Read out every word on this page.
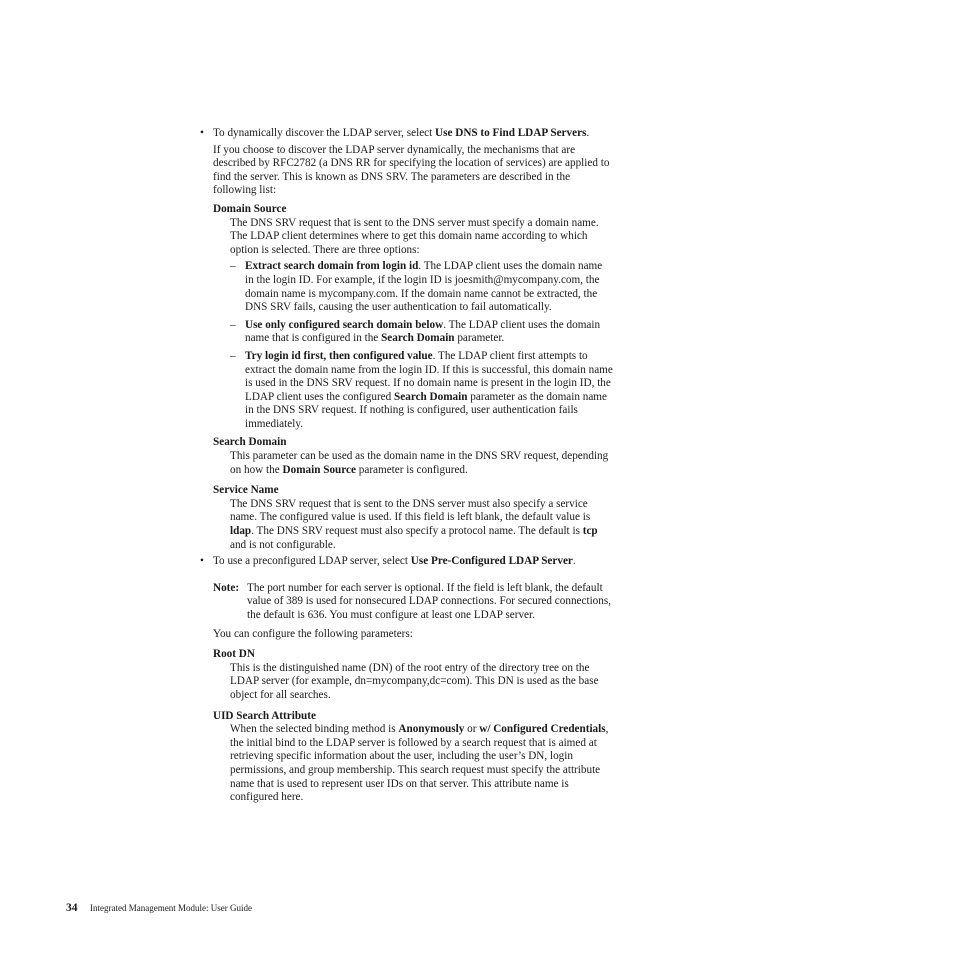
• To dynamically discover the LDAP server, select Use DNS to Find LDAP Servers.

If you choose to discover the LDAP server dynamically, the mechanisms that are described by RFC2782 (a DNS RR for specifying the location of services) are applied to find the server. This is known as DNS SRV. The parameters are described in the following list:

Domain Source

The DNS SRV request that is sent to the DNS server must specify a domain name. The LDAP client determines where to get this domain name according to which option is selected. There are three options:

– Extract search domain from login id. The LDAP client uses the domain name in the login ID. For example, if the login ID is joesmith@mycompany.com, the domain name is mycompany.com. If the domain name cannot be extracted, the DNS SRV fails, causing the user authentication to fail automatically.

– Use only configured search domain below. The LDAP client uses the domain name that is configured in the Search Domain parameter.

– Try login id first, then configured value. The LDAP client first attempts to extract the domain name from the login ID. If this is successful, this domain name is used in the DNS SRV request. If no domain name is present in the login ID, the LDAP client uses the configured Search Domain parameter as the domain name in the DNS SRV request. If nothing is configured, user authentication fails immediately.

Search Domain

This parameter can be used as the domain name in the DNS SRV request, depending on how the Domain Source parameter is configured.

Service Name

The DNS SRV request that is sent to the DNS server must also specify a service name. The configured value is used. If this field is left blank, the default value is ldap. The DNS SRV request must also specify a protocol name. The default is tcp and is not configurable.

• To use a preconfigured LDAP server, select Use Pre-Configured LDAP Server.

Note: The port number for each server is optional. If the field is left blank, the default value of 389 is used for nonsecured LDAP connections. For secured connections, the default is 636. You must configure at least one LDAP server.

You can configure the following parameters:

Root DN

This is the distinguished name (DN) of the root entry of the directory tree on the LDAP server (for example, dn=mycompany,dc=com). This DN is used as the base object for all searches.

UID Search Attribute

When the selected binding method is Anonymously or w/ Configured Credentials, the initial bind to the LDAP server is followed by a search request that is aimed at retrieving specific information about the user, including the user’s DN, login permissions, and group membership. This search request must specify the attribute name that is used to represent user IDs on that server. This attribute name is configured here.

34 Integrated Management Module: User Guide
